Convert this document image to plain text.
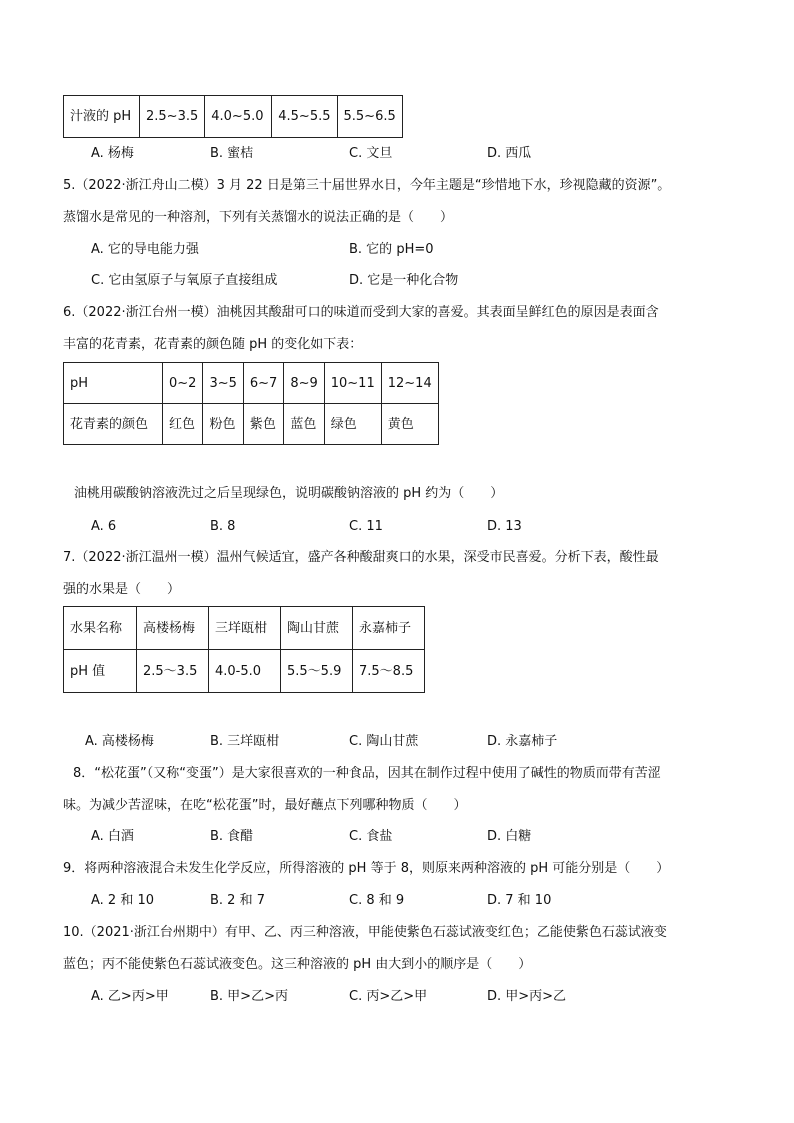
汁液的 pH	2.5~3.5	4.0~5.0	4.5~5.5	5.5~6.5
A. 杨梅	B. 蜜桔	C. 文旦	D. 西瓜
5.（2022·浙江舟山二模）3 月 22 日是第三十届世界水日，今年主题是“珍惜地下水，珍视隐藏的资源”。
蒸馏水是常见的一种溶剂，下列有关蒸馏水的说法正确的是（　　）
A. 它的导电能力强	B. 它的 pH=0
C. 它由氢原子与氧原子直接组成	D. 它是一种化合物
6.（2022·浙江台州一模）油桃因其酸甜可口的味道而受到大家的喜爱。其表面呈鲜红色的原因是表面含
丰富的花青素，花青素的颜色随 pH 的变化如下表：
pH	0~2	3~5	6~7	8~9	10~11	12~14
花青素的颜色	红色	粉色	紫色	蓝色	绿色	黄色
油桃用碳酸钠溶液洗过之后呈现绿色，说明碳酸钠溶液的 pH 约为（　　）
A. 6	B. 8	C. 11	D. 13
7.（2022·浙江温州一模）温州气候适宜，盛产各种酸甜爽口的水果，深受市民喜爱。分析下表，酸性最
强的水果是（　　）
水果名称	高楼杨梅	三垟瓯柑	陶山甘蔗	永嘉柿子
pH 值	2.5～3.5	4.0-5.0	5.5～5.9	7.5～8.5
A. 高楼杨梅	B. 三垟瓯柑	C. 陶山甘蔗	D. 永嘉柿子
8．“松花蛋”（又称“变蛋”）是大家很喜欢的一种食品，因其在制作过程中使用了碱性的物质而带有苦涩
味。为减少苦涩味，在吃“松花蛋”时，最好蘸点下列哪种物质（　　）
A. 白酒	B. 食醋	C. 食盐	D. 白糖
9．将两种溶液混合未发生化学反应，所得溶液的 pH 等于 8，则原来两种溶液的 pH 可能分别是（　　）
A. 2 和 10	B. 2 和 7	C. 8 和 9	D. 7 和 10
10.（2021·浙江台州期中）有甲、乙、丙三种溶液，甲能使紫色石蕊试液变红色；乙能使紫色石蕊试液变
蓝色；丙不能使紫色石蕊试液变色。这三种溶液的 pH 由大到小的顺序是（　　）
A. 乙>丙>甲	B. 甲>乙>丙	C. 丙>乙>甲	D. 甲>丙>乙
